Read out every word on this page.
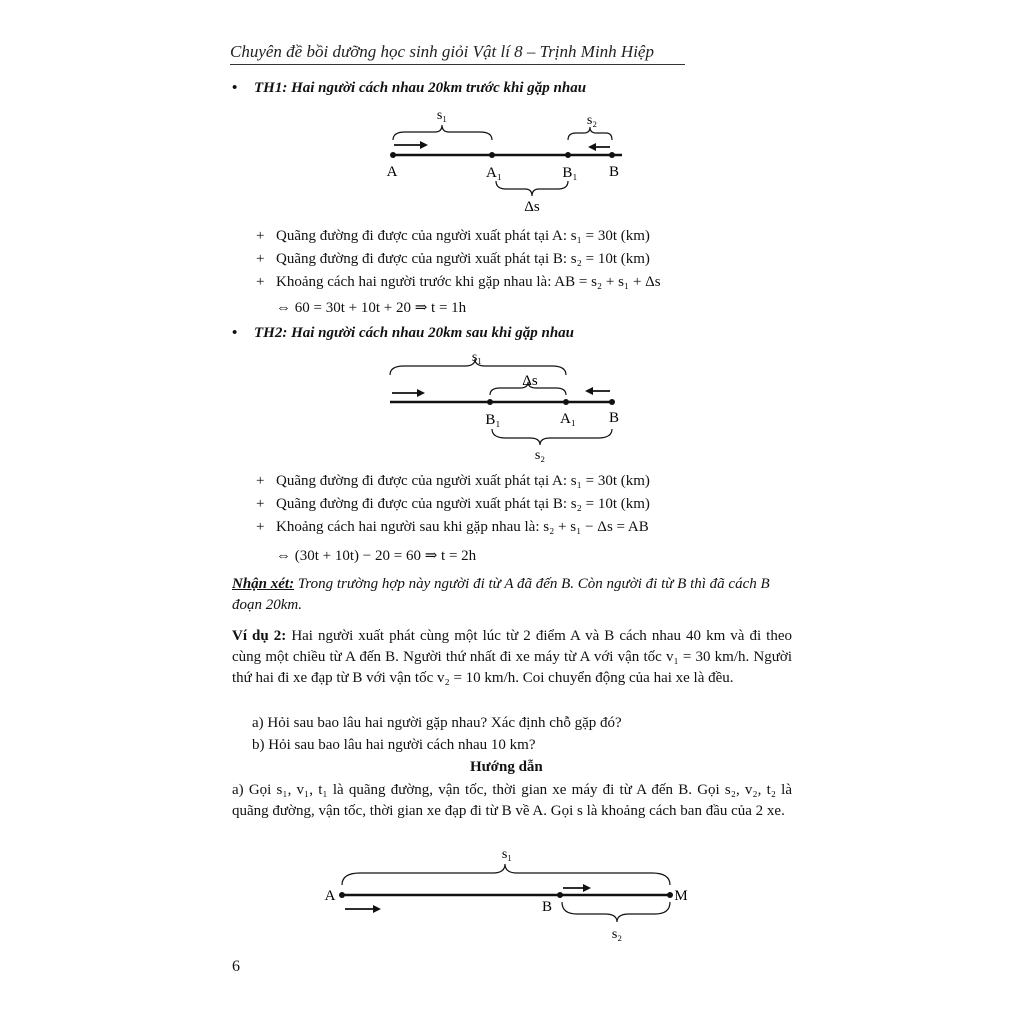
Chuyên đề bồi dưỡng học sinh giỏi Vật lí 8 – Trịnh Minh Hiệp
• TH1: Hai người cách nhau 20km trước khi gặp nhau
s₁	s₂
A	A₁	B₁ B
Δs
+ Quãng đường đi được của người xuất phát tại A: s₁ = 30t (km)
+ Quãng đường đi được của người xuất phát tại B: s₂ = 10t (km)
+ Khoảng cách hai người trước khi gặp nhau là: AB = s₂ + s₁ + Δs
⇔ 60 = 30t + 10t + 20 ⇒ t = 1h
• TH2: Hai người cách nhau 20km sau khi gặp nhau
s₁
Δs
B₁	A₁ B
s₂
+ Quãng đường đi được của người xuất phát tại A: s₁ = 30t (km)
+ Quãng đường đi được của người xuất phát tại B: s₂ = 10t (km)
+ Khoảng cách hai người sau khi gặp nhau là: s₂ + s₁ − Δs = AB
⇔ (30t + 10t) − 20 = 60 ⇒ t = 2h
Nhận xét: Trong trường hợp này người đi từ A đã đến B. Còn người đi từ B thì đã cách B đoạn 20km.
Ví dụ 2: Hai người xuất phát cùng một lúc từ 2 điểm A và B cách nhau 40 km và đi theo cùng một chiều từ A đến B. Người thứ nhất đi xe máy từ A với vận tốc v₁ = 30 km/h. Người thứ hai đi xe đạp từ B với vận tốc v₂ = 10 km/h. Coi chuyển động của hai xe là đều.
a) Hỏi sau bao lâu hai người gặp nhau? Xác định chỗ gặp đó?
b) Hỏi sau bao lâu hai người cách nhau 10 km?
Hướng dẫn
a) Gọi s₁, v₁, t₁ là quãng đường, vận tốc, thời gian xe máy đi từ A đến B. Gọi s₂, v₂, t₂ là quãng đường, vận tốc, thời gian xe đạp đi từ B về A. Gọi s là khoảng cách ban đầu của 2 xe.
s₁
A
B
M
s₂
6
